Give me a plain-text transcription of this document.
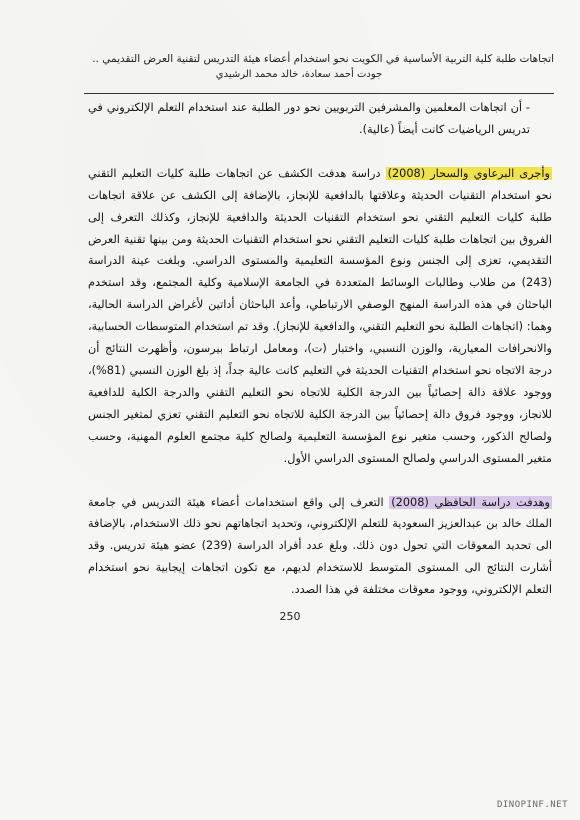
اتجاهات طلبة كلية التربية الأساسية في الكويت نحو استخدام أعضاء هيئة التدريس لتقنية العرض التقديمي ..
جودت أحمد سعادة، خالد محمد الرشيدي

- أن اتجاهات المعلمين والمشرفين التربويين نحو دور الطلبة عند استخدام التعلم الإلكتروني في تدريس الرياضيات كانت أيضاً (عالية).

وأجرى البرعاوي والسحار (2008) دراسة هدفت الكشف عن اتجاهات طلبة كليات التعليم التقني نحو استخدام التقنيات الحديثة وعلاقتها بالدافعية للإنجاز، بالإضافة إلى الكشف عن علاقة اتجاهات طلبة كليات التعليم التقني نحو استخدام التقنيات الحديثة والدافعية للإنجاز، وكذلك التعرف إلى الفروق بين اتجاهات طلبة كليات التعليم التقني نحو استخدام التقنيات الحديثة ومن بينها تقنية العرض التقديمي، تعزى إلى الجنس ونوع المؤسسة التعليمية والمستوى الدراسي. وبلغت عينة الدراسة (243) من طلاب وطالبات الوسائط المتعددة في الجامعة الإسلامية وكلية المجتمع، وقد استخدم الباحثان في هذه الدراسة المنهج الوصفي الارتباطي، وأعد الباحثان أداتين لأغراض الدراسة الحالية، وهما: (اتجاهات الطلبة نحو التعليم التقني، والدافعية للإنجاز). وقد تم استخدام المتوسطات الحسابية، والانحرافات المعيارية، والوزن النسبي، واختبار (ت)، ومعامل ارتباط بيرسون، وأظهرت النتائج أن درجة الاتجاه نحو استخدام التقنيات الحديثة في التعليم كانت عالية جداً، إذ بلغ الوزن النسبي (81%)، ووجود علاقة دالة إحصائياً بين الدرجة الكلية للاتجاه نحو التعليم التقني والدرجة الكلية للدافعية للانجاز، ووجود فروق دالة إحصائياً بين الدرجة الكلية للاتجاه نحو التعليم التقني تعزي لمتغير الجنس ولصالح الذكور، وحسب متغير نوع المؤسسة التعليمية ولصالح كلية مجتمع العلوم المهنية، وحسب متغير المستوى الدراسي ولصالح المستوى الدراسي الأول.

وهدفت دراسة الحافظي (2008) التعرف إلى واقع استخدامات أعضاء هيئة التدريس في جامعة الملك خالد بن عبدالعزيز السعودية للتعلم الإلكتروني، وتحديد اتجاهاتهم نحو ذلك الاستخدام، بالإضافة الى تحديد المعوقات التي تحول دون ذلك. وبلغ عدد أفراد الدراسة (239) عضو هيئة تدريس. وقد أشارت النتائج الى المستوى المتوسط للاستخدام لديهم، مع تكون اتجاهات إيجابية نحو استخدام التعلم الإلكتروني، ووجود معوقات مختلفة في هذا الصدد.

250
DINOPINF.NET
